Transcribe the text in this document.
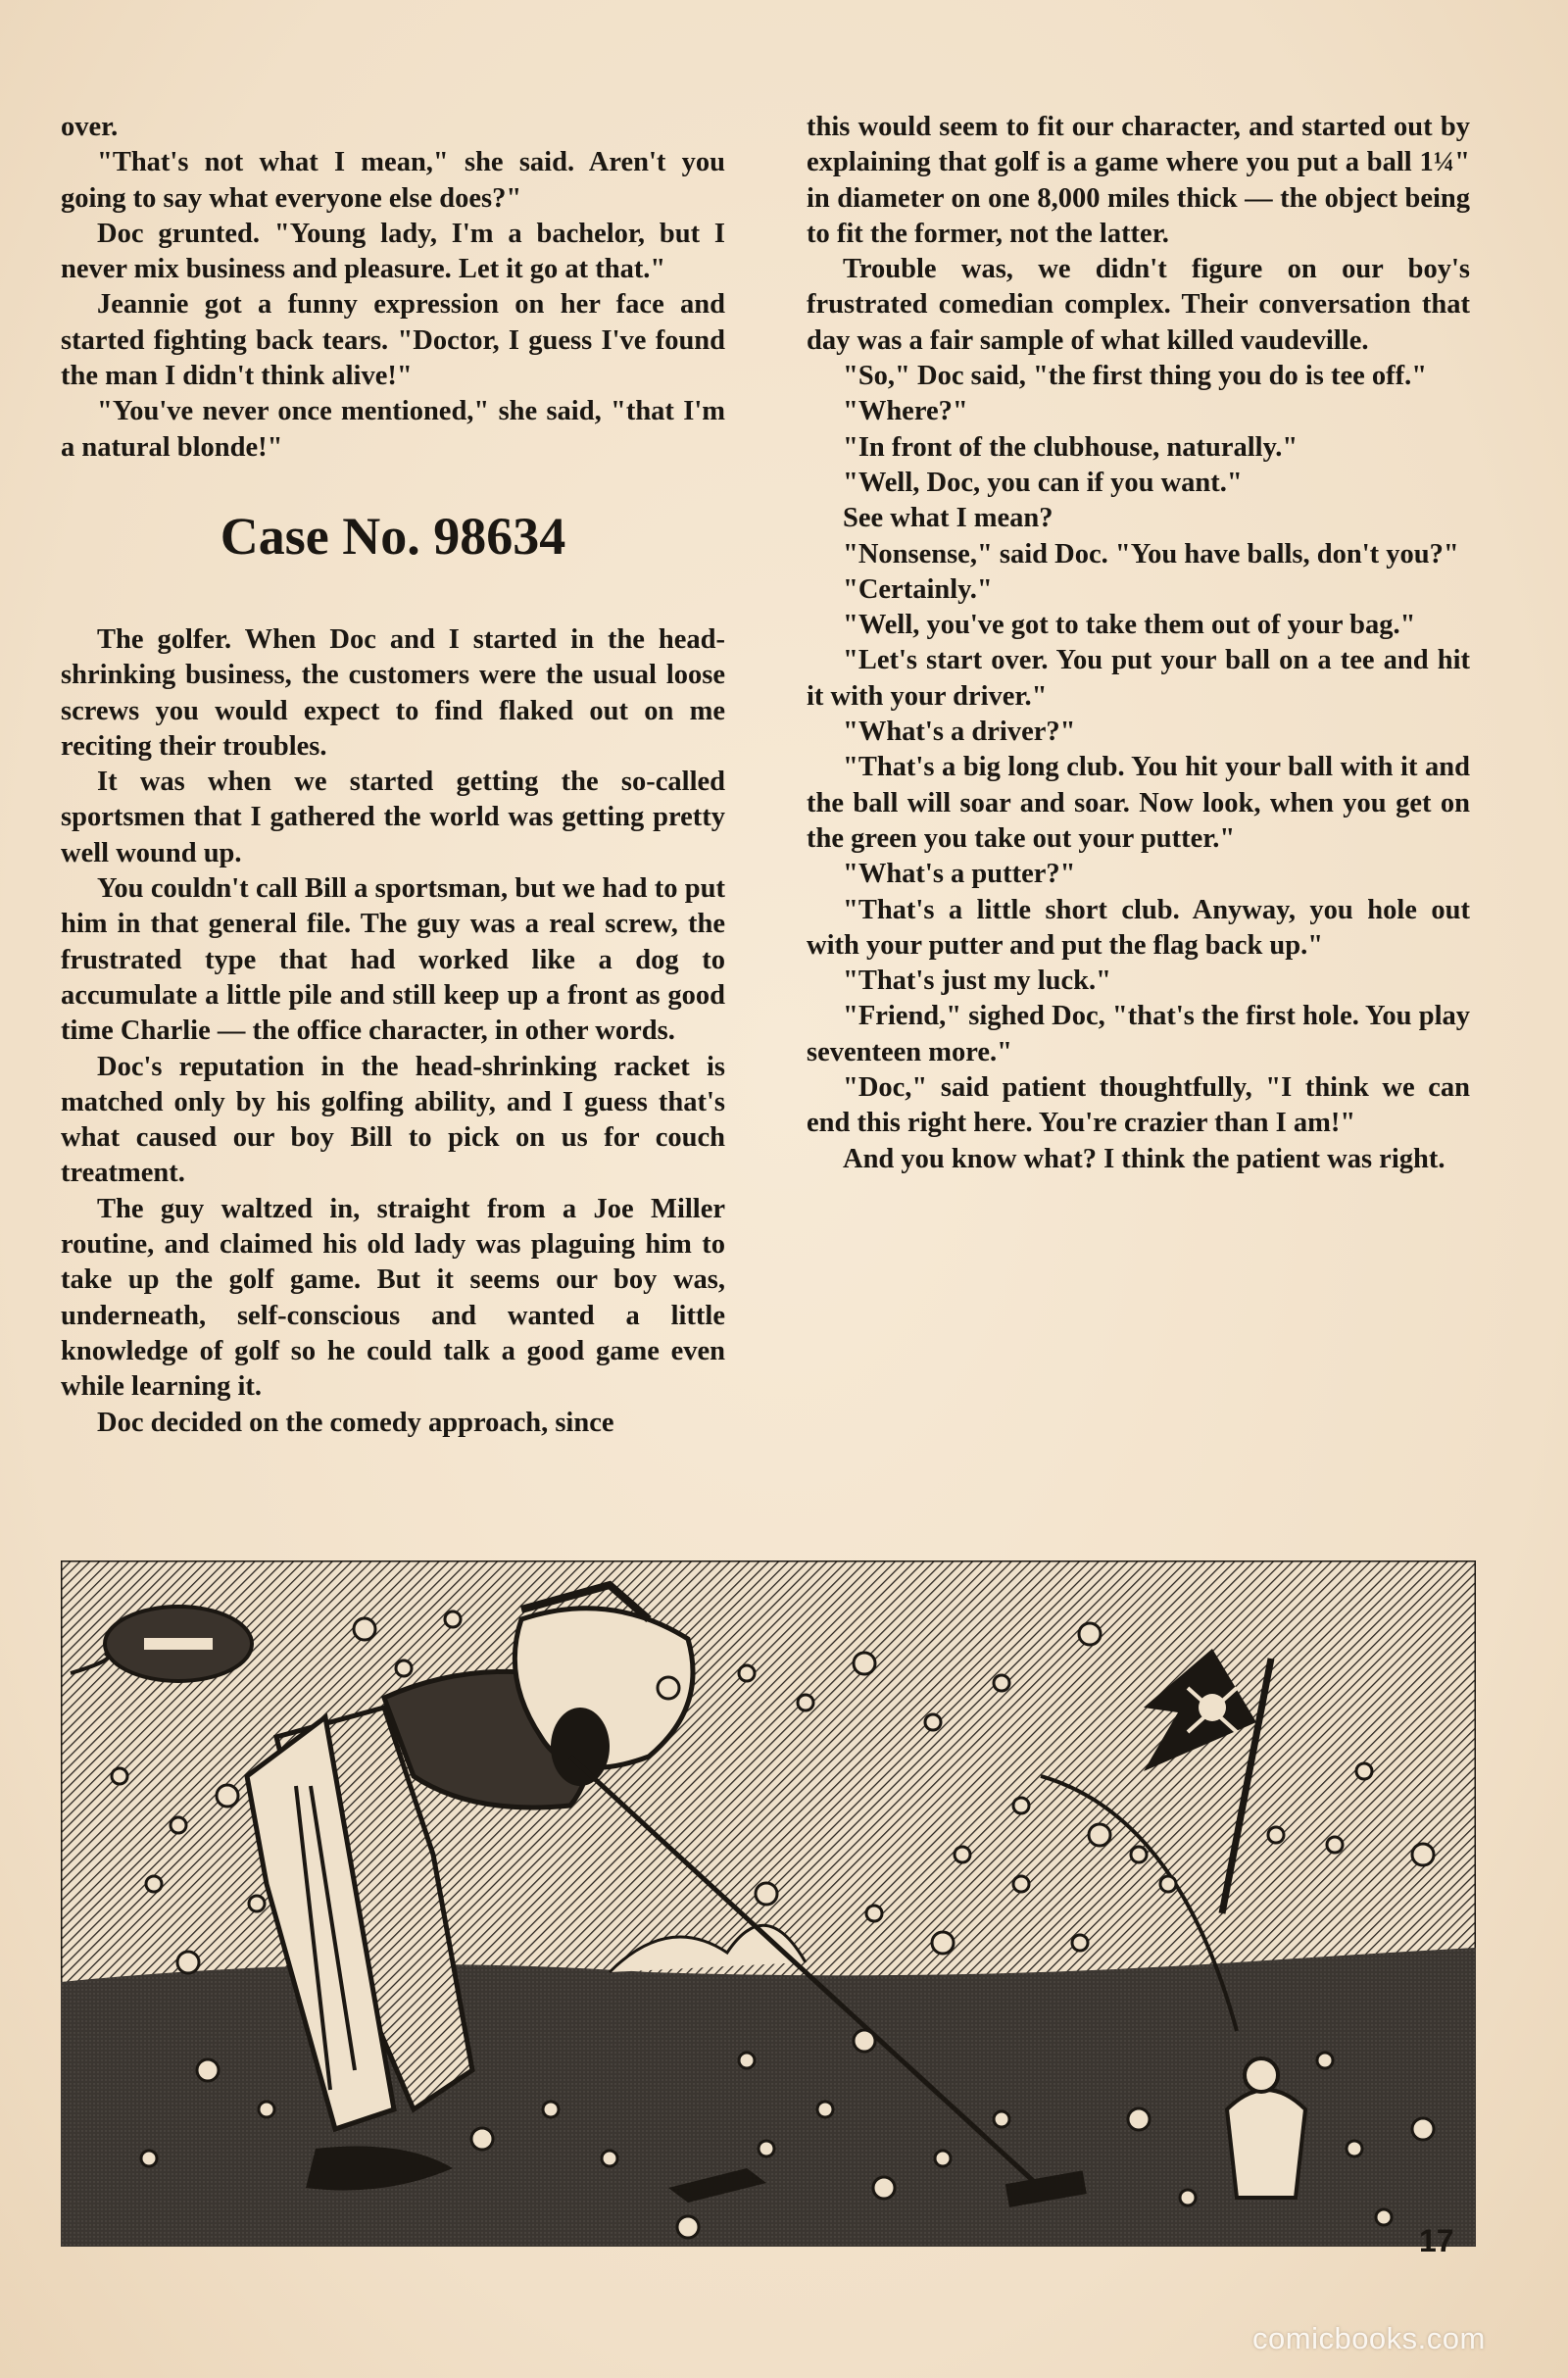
over.

"That's not what I mean," she said. Aren't you going to say what everyone else does?"

Doc grunted. "Young lady, I'm a bachelor, but I never mix business and pleasure. Let it go at that."

Jeannie got a funny expression on her face and started fighting back tears. "Doctor, I guess I've found the man I didn't think alive!"

"You've never once mentioned," she said, "that I'm a natural blonde!"

Case No. 98634

The golfer. When Doc and I started in the head-shrinking business, the customers were the usual loose screws you would expect to find flaked out on me reciting their troubles.

It was when we started getting the so-called sportsmen that I gathered the world was getting pretty well wound up.

You couldn't call Bill a sportsman, but we had to put him in that general file. The guy was a real screw, the frustrated type that had worked like a dog to accumulate a little pile and still keep up a front as good time Charlie — the office character, in other words.

Doc's reputation in the head-shrinking racket is matched only by his golfing ability, and I guess that's what caused our boy Bill to pick on us for couch treatment.

The guy waltzed in, straight from a Joe Miller routine, and claimed his old lady was plaguing him to take up the golf game. But it seems our boy was, underneath, self-conscious and wanted a little knowledge of golf so he could talk a good game even while learning it.

Doc decided on the comedy approach, since

this would seem to fit our character, and started out by explaining that golf is a game where you put a ball 1¼" in diameter on one 8,000 miles thick — the object being to fit the former, not the latter.

Trouble was, we didn't figure on our boy's frustrated comedian complex. Their conversation that day was a fair sample of what killed vaudeville.

"So," Doc said, "the first thing you do is tee off."

"Where?"

"In front of the clubhouse, naturally."

"Well, Doc, you can if you want."

See what I mean?

"Nonsense," said Doc. "You have balls, don't you?"

"Certainly."

"Well, you've got to take them out of your bag."

"Let's start over. You put your ball on a tee and hit it with your driver."

"What's a driver?"

"That's a big long club. You hit your ball with it and the ball will soar and soar. Now look, when you get on the green you take out your putter."

"What's a putter?"

"That's a little short club. Anyway, you hole out with your putter and put the flag back up."

"That's just my luck."

"Friend," sighed Doc, "that's the first hole. You play seventeen more."

"Doc," said patient thoughtfully, "I think we can end this right here. You're crazier than I am!"

And you know what? I think the patient was right.

17
comicbooks.com
